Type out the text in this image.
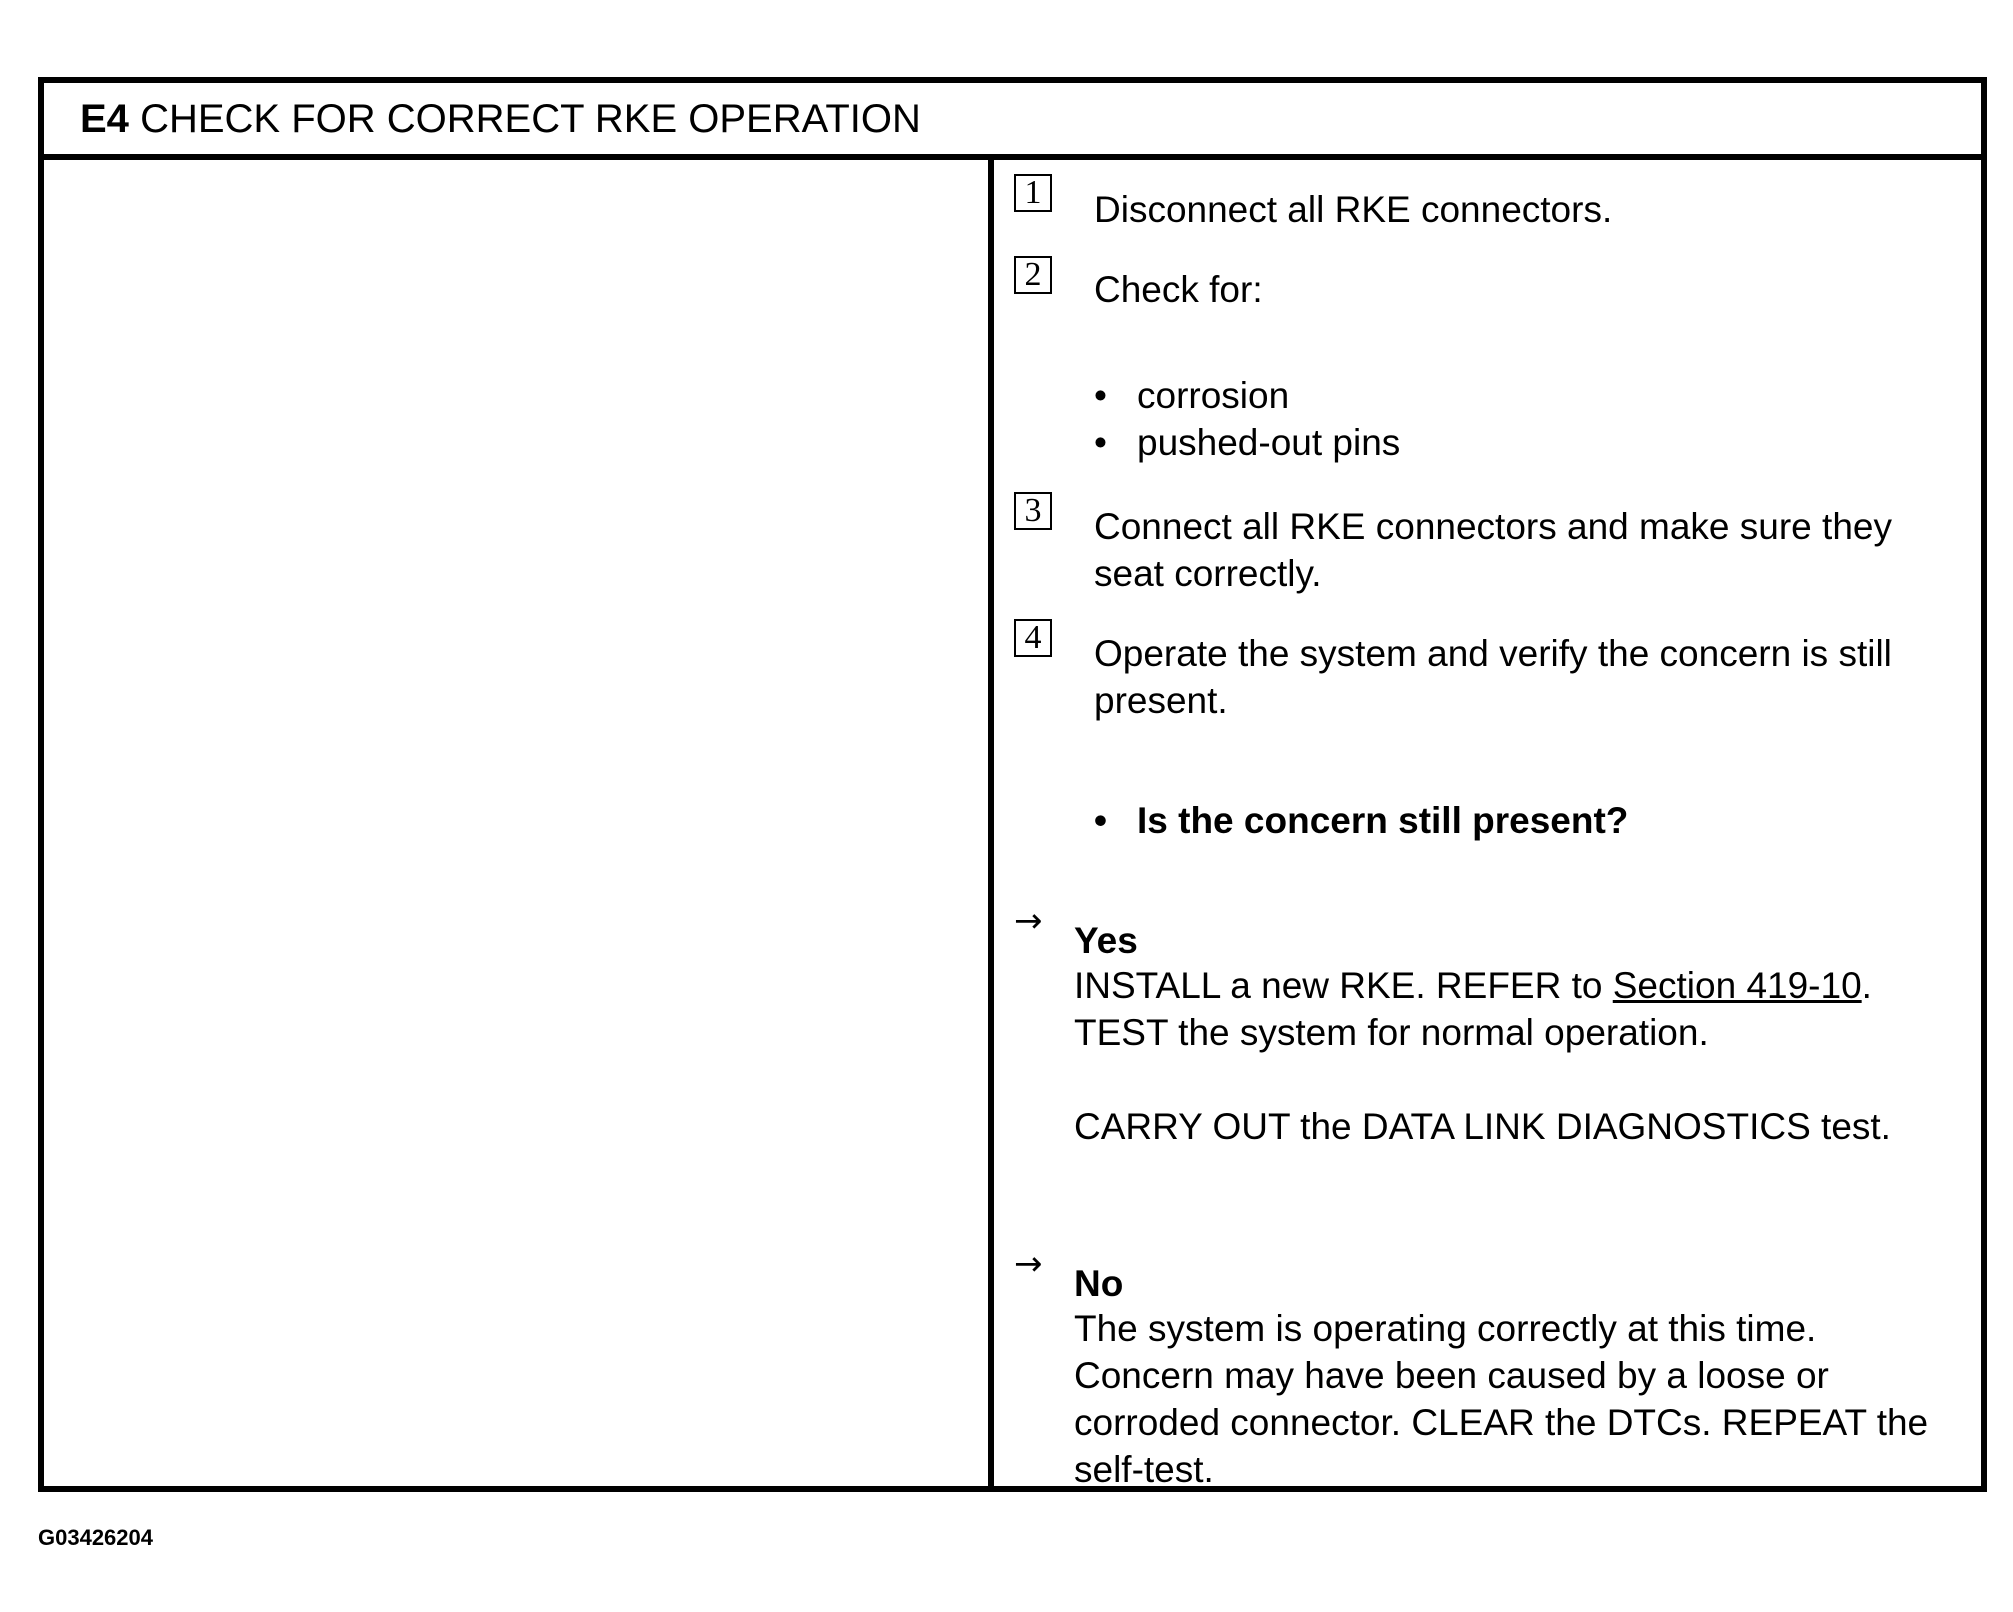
E4 CHECK FOR CORRECT RKE OPERATION
1 Disconnect all RKE connectors.
2 Check for:
• corrosion
• pushed-out pins
3 Connect all RKE connectors and make sure they seat correctly.
4 Operate the system and verify the concern is still present.
• Is the concern still present?
→ Yes
INSTALL a new RKE. REFER to Section 419-10. TEST the system for normal operation.
CARRY OUT the DATA LINK DIAGNOSTICS test.
→ No
The system is operating correctly at this time. Concern may have been caused by a loose or corroded connector. CLEAR the DTCs. REPEAT the self-test.
G03426204
